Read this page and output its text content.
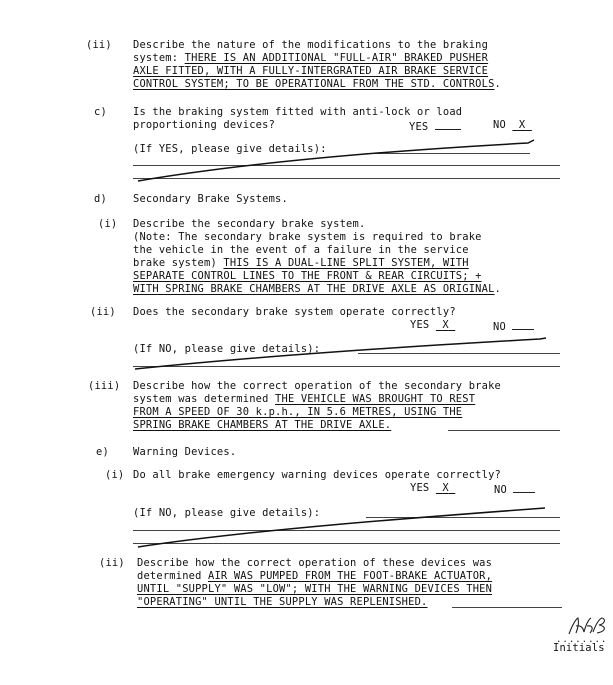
(ii) Describe the nature of the modifications to the braking
system: THERE IS AN ADDITIONAL "FULL-AIR" BRAKED PUSHER
AXLE FITTED, WITH A FULLY-INTERGRATED AIR BRAKE SERVICE
CONTROL SYSTEM; TO BE OPERATIONAL FROM THE STD. CONTROLS.
c)	Is the braking system fitted with anti-lock or load
proportioning devices?	YES	NO X
(If YES, please give details):
d)	Secondary Brake Systems.
(i) Describe the secondary brake system.
(Note: The secondary brake system is required to brake
the vehicle in the event of a failure in the service
brake system) THIS IS A DUAL-LINE SPLIT SYSTEM, WITH
SEPARATE CONTROL LINES TO THE FRONT & REAR CIRCUITS; +
WITH SPRING BRAKE CHAMBERS AT THE DRIVE AXLE AS ORIGINAL.
(ii) Does the secondary brake system operate correctly?
YES X	NO
(If NO, please give details):
(iii) Describe how the correct operation of the secondary brake
system was determined THE VEHICLE WAS BROUGHT TO REST
FROM A SPEED OF 30 k.p.h., IN 5.6 METRES, USING THE
SPRING BRAKE CHAMBERS AT THE DRIVE AXLE.
e) Warning Devices.
(i) Do all brake emergency warning devices operate correctly?
YES X	NO
(If NO, please give details):
(ii) Describe how the correct operation of these devices was
determined AIR WAS PUMPED FROM THE FOOT-BRAKE ACTUATOR,
UNTIL "SUPPLY" WAS "LOW"; WITH THE WARNING DEVICES THEN
"OPERATING" UNTIL THE SUPPLY WAS REPLENISHED.
........
Initials
